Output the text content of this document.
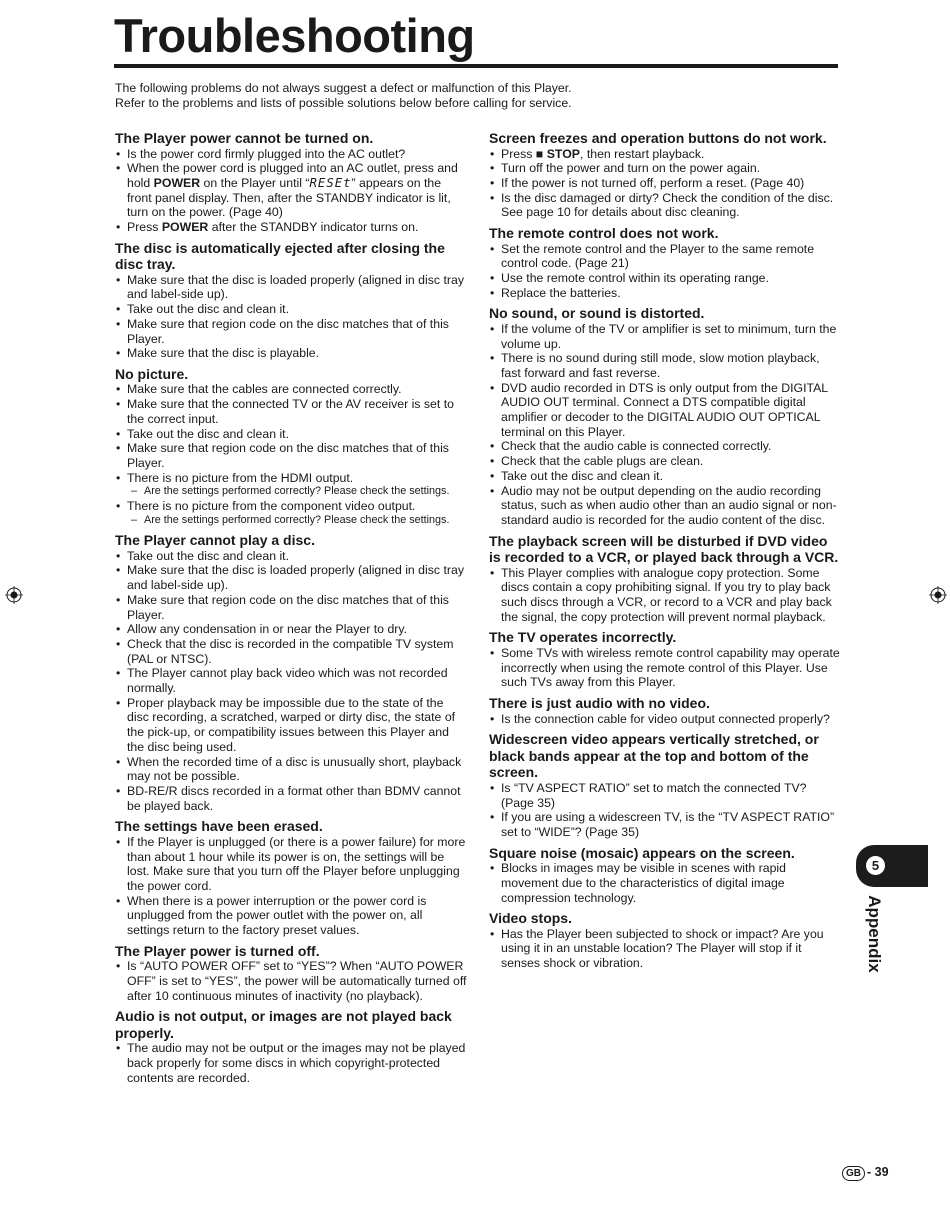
Troubleshooting

The following problems do not always suggest a defect or malfunction of this Player.

Refer to the problems and lists of possible solutions below before calling for service.

The Player power cannot be turned on.
• Is the power cord firmly plugged into the AC outlet?
• When the power cord is plugged into an AC outlet, press and hold POWER on the Player until “RESEt” appears on the front panel display. Then, after the STANDBY indicator is lit, turn on the power. (Page 40)
• Press POWER after the STANDBY indicator turns on.
The disc is automatically ejected after closing the disc tray.
• Make sure that the disc is loaded properly (aligned in disc tray and label-side up).
• Take out the disc and clean it.
• Make sure that region code on the disc matches that of this Player.
• Make sure that the disc is playable.
No picture.
• Make sure that the cables are connected correctly.
• Make sure that the connected TV or the AV receiver is set to the correct input.
• Take out the disc and clean it.
• Make sure that region code on the disc matches that of this Player.
• There is no picture from the HDMI output.
– Are the settings performed correctly? Please check the settings.
• There is no picture from the component video output.
– Are the settings performed correctly? Please check the settings.
The Player cannot play a disc.
• Take out the disc and clean it.
• Make sure that the disc is loaded properly (aligned in disc tray and label-side up).
• Make sure that region code on the disc matches that of this Player.
• Allow any condensation in or near the Player to dry.
• Check that the disc is recorded in the compatible TV system (PAL or NTSC).
• The Player cannot play back video which was not recorded normally.
• Proper playback may be impossible due to the state of the disc recording, a scratched, warped or dirty disc, the state of the pick-up, or compatibility issues between this Player and the disc being used.
• When the recorded time of a disc is unusually short, playback may not be possible.
• BD-RE/R discs recorded in a format other than BDMV cannot be played back.
The settings have been erased.
• If the Player is unplugged (or there is a power failure) for more than about 1 hour while its power is on, the settings will be lost. Make sure that you turn off the Player before unplugging the power cord.
• When there is a power interruption or the power cord is unplugged from the power outlet with the power on, all settings return to the factory preset values.
The Player power is turned off.
• Is “AUTO POWER OFF” set to “YES”? When “AUTO POWER OFF” is set to “YES”, the power will be automatically turned off after 10 continuous minutes of inactivity (no playback).
Audio is not output, or images are not played back properly.
• The audio may not be output or the images may not be played back properly for some discs in which copyright-protected contents are recorded.
Screen freezes and operation buttons do not work.
• Press ■ STOP, then restart playback.
• Turn off the power and turn on the power again.
• If the power is not turned off, perform a reset. (Page 40)
• Is the disc damaged or dirty? Check the condition of the disc. See page 10 for details about disc cleaning.
The remote control does not work.
• Set the remote control and the Player to the same remote control code. (Page 21)
• Use the remote control within its operating range.
• Replace the batteries.
No sound, or sound is distorted.
• If the volume of the TV or amplifier is set to minimum, turn the volume up.
• There is no sound during still mode, slow motion playback, fast forward and fast reverse.
• DVD audio recorded in DTS is only output from the DIGITAL AUDIO OUT terminal. Connect a DTS compatible digital amplifier or decoder to the DIGITAL AUDIO OUT OPTICAL terminal on this Player.
• Check that the audio cable is connected correctly.
• Check that the cable plugs are clean.
• Take out the disc and clean it.
• Audio may not be output depending on the audio recording status, such as when audio other than an audio signal or non-standard audio is recorded for the audio content of the disc.
The playback screen will be disturbed if DVD video is recorded to a VCR, or played back through a VCR.
• This Player complies with analogue copy protection. Some discs contain a copy prohibiting signal. If you try to play back such discs through a VCR, or record to a VCR and play back the signal, the copy protection will prevent normal playback.
The TV operates incorrectly.
• Some TVs with wireless remote control capability may operate incorrectly when using the remote control of this Player. Use such TVs away from this Player.
There is just audio with no video.
• Is the connection cable for video output connected properly?
Widescreen video appears vertically stretched, or black bands appear at the top and bottom of the screen.
• Is “TV ASPECT RATIO” set to match the connected TV? (Page 35)
• If you are using a widescreen TV, is the “TV ASPECT RATIO” set to “WIDE”? (Page 35)
Square noise (mosaic) appears on the screen.
• Blocks in images may be visible in scenes with rapid movement due to the characteristics of digital image compression technology.
Video stops.
• Has the Player been subjected to shock or impact? Are you using it in an unstable location? The Player will stop if it senses shock or vibration.
5
Appendix
GB - 39
